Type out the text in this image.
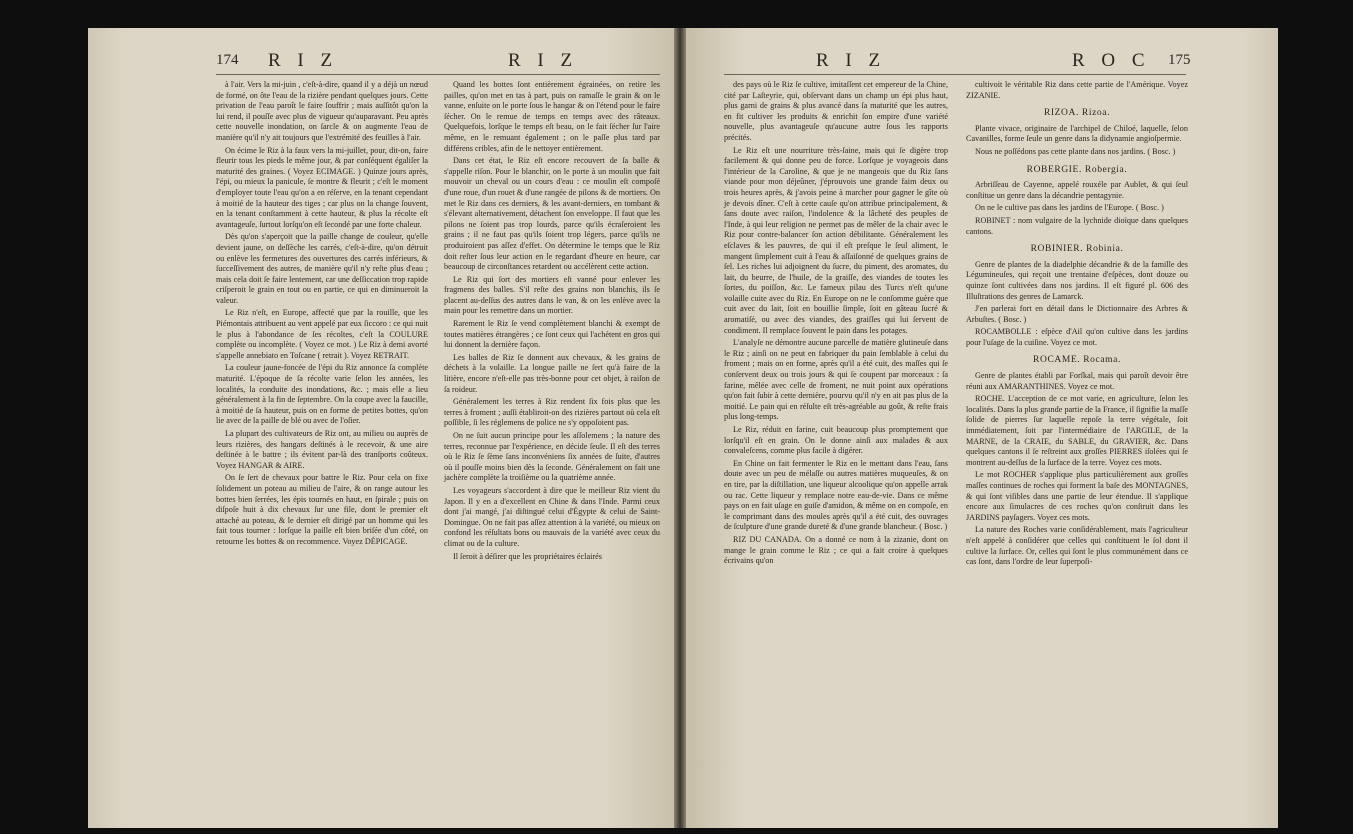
174 R I Z	R I Z

à l'air. Vers la mi-juin , c'eſt-à-dire, quand il y a déjà un nœud de formé, on ôte l'eau de la rizière pendant quelques jours. Cette privation de l'eau paroît le faire ſouffrir ; mais auſſitôt qu'on la lui rend, il pouſſe avec plus de vigueur qu'auparavant. Peu après cette nouvelle inondation, on ſarcle & on augmente l'eau de manière qu'il n'y ait toujours que l'extrémité des feuilles à l'air.

On écime le Riz à la faux vers la mi-juillet, pour, dit-on, faire fleurir tous les pieds le même jour, & par conſéquent égaliſer la maturité des graines. ( Voyez ECIMAGE. ) Quinze jours après, l'épi, ou mieux la panicule, ſe montre & fleurit ; c'eſt le moment d'employer toute l'eau qu'on a en réſerve, en la tenant cependant à moitié de la hauteur des tiges ; car plus on la change ſouvent, en la tenant conſtamment à cette hauteur, & plus la récolte eſt avantageuſe, ſurtout lorſqu'on eſt ſecondé par une forte chaleur.

Dès qu'on s'aperçoit que la paille change de couleur, qu'elle devient jaune, on deſſèche les carrés, c'eſt-à-dire, qu'on détruit ou enlève les fermetures des ouvertures des carrés inférieurs, & ſucceſſivement des autres, de manière qu'il n'y reſte plus d'eau ; mais cela doit ſe faire lentement, car une deſſiccation trop rapide criſperoit le grain en tout ou en partie, ce qui en diminueroit la valeur.

Le Riz n'eſt, en Europe, affecté que par la rouille, que les Piémontais attribuent au vent appelé par eux ſiccoro : ce qui nuit le plus à l'abondance de ſes récoltes, c'eſt la COULURE complète ou incomplète. ( Voyez ce mot. ) Le Riz à demi avorté s'appelle annebiato en Toſcane ( retrait ). Voyez RETRAIT.

La couleur jaune-foncée de l'épi du Riz annonce ſa complète maturité. L'époque de ſa récolte varie ſelon les années, les localités, la conduite des inondations, &c. ; mais elle a lieu généralement à la fin de ſeptembre. On la coupe avec la faucille, à moitié de ſa hauteur, puis on en forme de petites bottes, qu'on lie avec de la paille de blé ou avec de l'oſier.

La plupart des cultivateurs de Riz ont, au milieu ou auprès de leurs rizières, des hangars deſtinés à le recevoir, & une aire deſtinée à le battre ; ils évitent par-là des tranſports coûteux. Voyez HANGAR & AIRE.

On ſe ſert de chevaux pour battre le Riz. Pour cela on fixe ſolidement un poteau au milieu de l'aire, & on range autour les bottes bien ſerrées, les épis tournés en haut, en ſpirale ; puis on diſpoſe huit à dix chevaux ſur une file, dont le premier eſt attaché au poteau, & le dernier eſt dirigé par un homme qui les fait tous tourner : lorſque la paille eſt bien briſée d'un côté, on retourne les bottes & on recommence. Voyez DÉPICAGE.

Quand les bottes ſont entièrement égrainées, on retire les pailles, qu'on met en tas à part, puis on ramaſſe le grain & on le vanne, enſuite on le porte ſous le hangar & on l'étend pour le faire ſécher. On le remue de temps en temps avec des râteaux. Quelquefois, lorſque le temps eſt beau, on le fait ſécher ſur l'aire même, en le remuant également ; on le paſſe plus tard par différens cribles, afin de le nettoyer entièrement.

Dans cet état, le Riz eſt encore recouvert de ſa balle & s'appelle riſon. Pour le blanchir, on le porte à un moulin que fait mouvoir un cheval ou un cours d'eau : ce moulin eſt compoſé d'une roue, d'un rouet & d'une rangée de pilons & de mortiers. On met le Riz dans ces derniers, & les avant-derniers, en tombant & s'élevant alternativement, détachent ſon enveloppe. Il faut que les pilons ne ſoient pas trop lourds, parce qu'ils écraſeroient les grains ; il ne faut pas qu'ils ſoient trop légers, parce qu'ils ne produiroient pas aſſez d'effet. On détermine le temps que le Riz doit reſter ſous leur action en le regardant d'heure en heure, car beaucoup de circonſtances retardent ou accélèrent cette action.

Le Riz qui ſort des mortiers eſt vanné pour enlever les fragmens des balles. S'il reſte des grains non blanchis, ils ſe placent au-deſſus des autres dans le van, & on les enlève avec la main pour les remettre dans un mortier.

Rarement le Riz ſe vend complètement blanchi & exempt de toutes matières étrangères ; ce ſont ceux qui l'achètent en gros qui lui donnent la dernière façon.

Les balles de Riz ſe donnent aux chevaux, & les grains de déchets à la volaille. La longue paille ne ſert qu'à faire de la litière, encore n'eſt-elle pas très-bonne pour cet objet, à raiſon de ſa roideur.

Généralement les terres à Riz rendent ſix fois plus que les terres à froment ; auſſi établiroit-on des rizières partout où cela eſt poſſible, ſi les réglemens de police ne s'y oppoſoient pas.

On ne ſuit aucun principe pour les aſſolemens ; la nature des terres, reconnue par l'expérience, en décide ſeule. Il eſt des terres où le Riz ſe ſème ſans inconvéniens ſix années de ſuite, d'autres où il pouſſe moins bien dès la ſeconde. Généralement on fait une jachère complète la troiſième ou la quatrième année.

Les voyageurs s'accordent à dire que le meilleur Riz vient du Japon. Il y en a d'excellent en Chine & dans l'Inde. Parmi ceux dont j'ai mangé, j'ai diſtingué celui d'Égypte & celui de Saint-Domingue. On ne fait pas aſſez attention à la variété, ou mieux on confond les réſultats bons ou mauvais de la variété avec ceux du climat ou de la culture.

Il ſeroit à déſirer que les propriétaires éclairés

R I Z	R O C 175

des pays où le Riz ſe cultive, imitaſſent cet empereur de la Chine, cité par Laſteyrie, qui, obſervant dans un champ un épi plus haut, plus garni de grains & plus avancé dans ſa maturité que les autres, en fit cultiver les produits & enrichit ſon empire d'une variété nouvelle, plus avantageuſe qu'aucune autre ſous les rapports précités.

Le Riz eſt une nourriture très-ſaine, mais qui ſe digère trop facilement & qui donne peu de force. Lorſque je voyageois dans l'intérieur de la Caroline, & que je ne mangeois que du Riz ſans viande pour mon déjeûner, j'éprouvois une grande faim deux ou trois heures après, & j'avois peine à marcher pour gagner le gîte où je devois dîner. C'eſt à cette cauſe qu'on attribue principalement, & ſans doute avec raiſon, l'indolence & la lâcheté des peuples de l'Inde, à qui leur religion ne permet pas de mêler de la chair avec le Riz pour contre-balancer ſon action débilitante. Généralement les eſclaves & les pauvres, de qui il eſt preſque le ſeul aliment, le mangent ſimplement cuit à l'eau & aſſaiſonné de quelques grains de ſel. Les riches lui adjoignent du ſucre, du piment, des aromates, du lait, du beurre, de l'huile, de la graiſſe, des viandes de toutes les ſortes, du poiſſon, &c. Le fameux pilau des Turcs n'eſt qu'une volaille cuite avec du Riz. En Europe on ne le conſomme guère que cuit avec du lait, ſoit en bouillie ſimple, ſoit en gâteau ſucré & aromatiſé, ou avec des viandes, des graiſſes qui lui ſervent de condiment. Il remplace ſouvent le pain dans les potages.

L'analyſe ne démontre aucune parcelle de matière glutineuſe dans le Riz ; ainſi on ne peut en fabriquer du pain ſemblable à celui du froment ; mais on en forme, après qu'il a été cuit, des maſſes qui ſe conſervent deux ou trois jours & qui ſe coupent par morceaux : ſa farine, mêlée avec celle de froment, ne nuit point aux opérations qu'on fait ſubir à cette dernière, pourvu qu'il n'y en ait pas plus de la moitié. Le pain qui en réſulte eſt très-agréable au goût, & reſte frais plus long-temps.

Le Riz, réduit en farine, cuit beaucoup plus promptement que lorſqu'il eſt en grain. On le donne ainſi aux malades & aux convaleſcens, comme plus facile à digérer.

En Chine on fait fermenter le Riz en le mettant dans l'eau, ſans doute avec un peu de mélaſſe ou autres matières muqueuſes, & on en tire, par la diſtillation, une liqueur alcoolique qu'on appelle arrak ou rac. Cette liqueur y remplace notre eau-de-vie. Dans ce même pays on en fait uſage en guiſe d'amidon, & même on en compoſe, en le comprimant dans des moules après qu'il a été cuit, des ouvrages de ſculpture d'une grande dureté & d'une grande blancheur. ( Bosc. )

RIZ DU CANADA. On a donné ce nom à la zizanie, dont on mange le grain comme le Riz ; ce qui a fait croire à quelques écrivains qu'on

cultivoit le véritable Riz dans cette partie de l'Amérique. Voyez ZIZANIE.

RIZOA. Rizoa.

Plante vivace, originaire de l'archipel de Chiloé, laquelle, ſelon Cavanilles, forme ſeule un genre dans la didynamie angioſpermie.

Nous ne poſſédons pas cette plante dans nos jardins. ( Bosc. )

ROBERGIE. Robergia.

Arbriſſeau de Cayenne, appelé rouxéle par Aublet, & qui ſeul conſtitue un genre dans la décandrie pentagynie.

On ne le cultive pas dans les jardins de l'Europe. ( Bosc. )

ROBINET : nom vulgaire de la lychnide dioïque dans quelques cantons.

ROBINIER. Robinia.

Genre de plantes de la diadelphie décandrie & de la famille des Légumineuſes, qui reçoit une trentaine d'eſpèces, dont douze ou quinze ſont cultivées dans nos jardins. Il eſt figuré pl. 606 des Illuſtrations des genres de Lamarck.

J'en parlerai fort en détail dans le Dictionnaire des Arbres & Arbuſtes. ( Bosc. )

ROCAMBOLLE : eſpèce d'Ail qu'on cultive dans les jardins pour l'uſage de la cuiſine. Voyez ce mot.

ROCAME. Rocama.

Genre de plantes établi par Forſkal, mais qui paroît devoir être réuni aux AMARANTHINES. Voyez ce mot.

ROCHE. L'acception de ce mot varie, en agriculture, ſelon les localités. Dans la plus grande partie de la France, il ſignifie la maſſe ſolide de pierres ſur laquelle repoſe la terre végétale, ſoit immédiatement, ſoit par l'intermédiaire de l'ARGILE, de la MARNE, de la CRAIE, du SABLE, du GRAVIER, &c. Dans quelques cantons il ſe reſtreint aux groſſes PIERRES iſolées qui ſe montrent au-deſſus de la ſurface de la terre. Voyez ces mots.

Le mot ROCHER s'applique plus particulièrement aux groſſes maſſes continues de roches qui forment la baſe des MONTAGNES, & qui ſont viſibles dans une partie de leur étendue. Il s'applique encore aux ſimulacres de ces roches qu'on conſtruit dans les JARDINS payſagers. Voyez ces mots.

La nature des Roches varie conſidérablement, mais l'agriculteur n'eſt appelé à conſidérer que celles qui conſtituent le ſol dont il cultive la ſurface. Or, celles qui ſont le plus communément dans ce cas ſont, dans l'ordre de leur ſuperpoſi-
